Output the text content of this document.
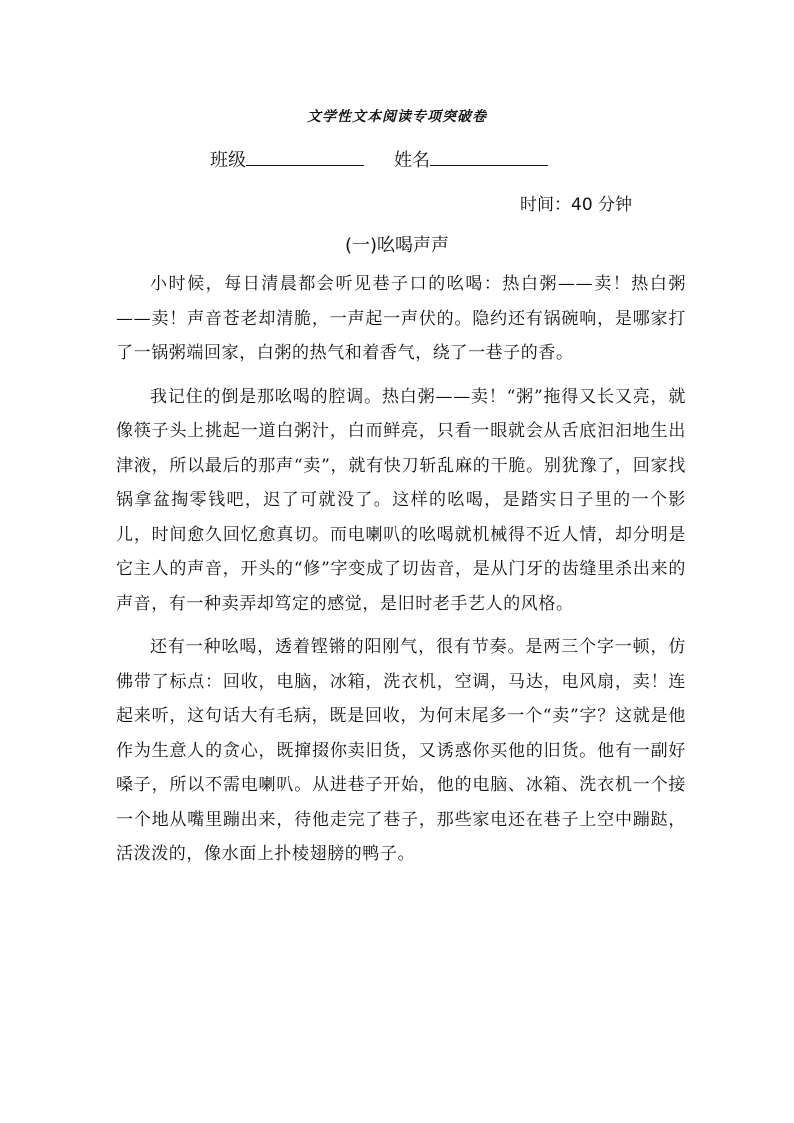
文学性文本阅读专项突破卷
班级	姓名
时间：40 分钟
(一)吆喝声声

小时候，每日清晨都会听见巷子口的吆喝：热白粥——卖！热白粥——卖！声音苍老却清脆，一声起一声伏的。隐约还有锅碗响，是哪家打了一锅粥端回家，白粥的热气和着香气，绕了一巷子的香。

我记住的倒是那吆喝的腔调。热白粥——卖！“粥”拖得又长又亮，就像筷子头上挑起一道白粥汁，白而鲜亮，只看一眼就会从舌底汩汩地生出津液，所以最后的那声“卖”，就有快刀斩乱麻的干脆。别犹豫了，回家找锅拿盆掏零钱吧，迟了可就没了。这样的吆喝，是踏实日子里的一个影儿，时间愈久回忆愈真切。而电喇叭的吆喝就机械得不近人情，却分明是它主人的声音，开头的“修”字变成了切齿音，是从门牙的齿缝里杀出来的声音，有一种卖弄却笃定的感觉，是旧时老手艺人的风格。

还有一种吆喝，透着铿锵的阳刚气，很有节奏。是两三个字一顿，仿佛带了标点：回收，电脑，冰箱，洗衣机，空调，马达，电风扇，卖！连起来听，这句话大有毛病，既是回收，为何末尾多一个“卖”字？这就是他作为生意人的贪心，既撺掇你卖旧货，又诱惑你买他的旧货。他有一副好嗓子，所以不需电喇叭。从进巷子开始，他的电脑、冰箱、洗衣机一个接一个地从嘴里蹦出来，待他走完了巷子，那些家电还在巷子上空中蹦跶，活泼泼的，像水面上扑棱翅膀的鸭子。
